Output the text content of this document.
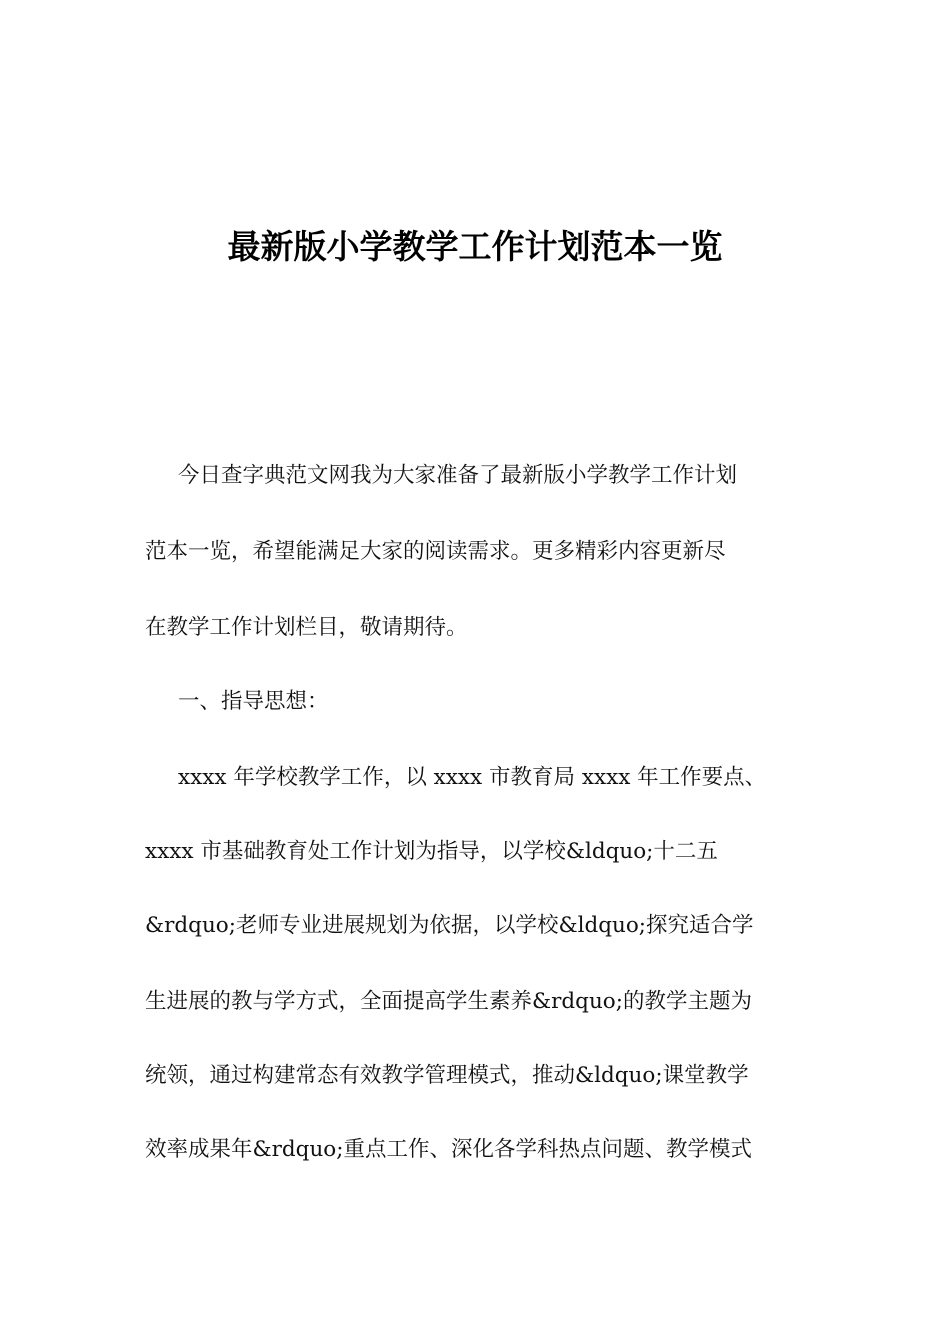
最新版小学教学工作计划范本一览
今日查字典范文网我为大家准备了最新版小学教学工作计划
范本一览，希望能满足大家的阅读需求。更多精彩内容更新尽
在教学工作计划栏目，敬请期待。
一、指导思想：
xxxx 年学校教学工作，以 xxxx 市教育局 xxxx 年工作要点、
xxxx 市基础教育处工作计划为指导，以学校&ldquo;十二五
&rdquo;老师专业进展规划为依据，以学校&ldquo;探究适合学
生进展的教与学方式，全面提高学生素养&rdquo;的教学主题为
统领，通过构建常态有效教学管理模式，推动&ldquo;课堂教学
效率成果年&rdquo;重点工作、深化各学科热点问题、教学模式
